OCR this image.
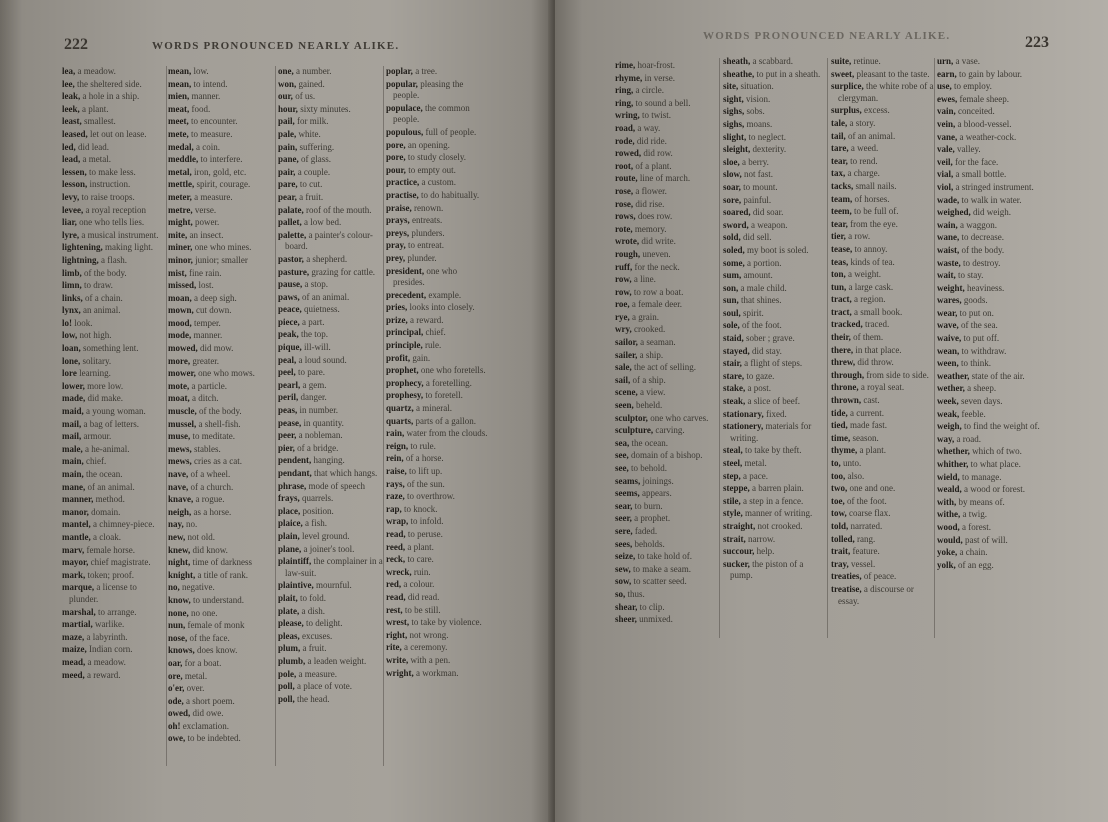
222	WORDS PRONOUNCED NEARLY ALIKE.
lea, a meadow.
lee, the sheltered side.
leak, a hole in a ship.
leek, a plant.
least, smallest.
leased, let out on lease.
led, did lead.
lead, a metal.
lessen, to make less.
lesson, instruction.
levy, to raise troops.
levee, a royal reception
liar, one who tells lies.
lyre, a musical instrument.
lightening, making light.
lightning, a flash.
limb, of the body.
limn, to draw.
links, of a chain.
lynx, an animal.
lo! look.
low, not high.
loan, something lent.
lone, solitary.
lore learning.
lower, more low.
made, did make.
maid, a young woman.
mail, a bag of letters.
mail, armour.
male, a he-animal.
main, chief.
main, the ocean.
mane, of an animal.
manner, method.
manor, domain.
mantel, a chimney-piece.
mantle, a cloak.
marv, female horse.
mayor, chief magistrate.
mark, token; proof.
marque, a license to plunder.
marshal, to arrange.
martial, warlike.
maze, a labyrinth.
maize, Indian corn.
mead, a meadow.
meed, a reward.
mean, low.
mean, to intend.
mien, manner.
meat, food.
meet, to encounter.
mete, to measure.
medal, a coin.
meddle, to interfere.
metal, iron, gold, etc.
mettle, spirit, courage.
meter, a measure.
metre, verse.
might, power.
mite, an insect.
miner, one who mines.
minor, junior; smaller
mist, fine rain.
missed, lost.
moan, a deep sigh.
mown, cut down.
mood, temper.
mode, manner.
mowed, did mow.
more, greater.
mower, one who mows.
mote, a particle.
moat, a ditch.
muscle, of the body.
mussel, a shell-fish.
muse, to meditate.
mews, stables.
mews, cries as a cat.
nave, of a wheel.
nave, of a church.
knave, a rogue.
neigh, as a horse.
nay, no.
new, not old.
knew, did know.
night, time of darkness
knight, a title of rank.
no, negative.
know, to understand.
none, no one.
nun, female of monk
nose, of the face.
knows, does know.
oar, for a boat.
ore, metal.
o'er, over.
ode, a short poem.
owed, did owe.
oh! exclamation.
owe, to be indebted.
one, a number.
won, gained.
our, of us.
hour, sixty minutes.
pail, for milk.
pale, white.
pain, suffering.
pane, of glass.
pair, a couple.
pare, to cut.
pear, a fruit.
palate, roof of the mouth.
pallet, a low bed.
palette, a painter's colour-board.
pastor, a shepherd.
pasture, grazing for cattle.
pause, a stop.
paws, of an animal.
peace, quietness.
piece, a part.
peak, the top.
pique, ill-will.
peal, a loud sound.
peel, to pare.
pearl, a gem.
peril, danger.
peas, in number.
pease, in quantity.
peer, a nobleman.
pier, of a bridge.
pendent, hanging.
pendant, that which hangs.
phrase, mode of speech
frays, quarrels.
place, position.
plaice, a fish.
plain, level ground.
plane, a joiner's tool.
plaintiff, the complainer in a law-suit.
plaintive, mournful.
plait, to fold.
plate, a dish.
please, to delight.
pleas, excuses.
plum, a fruit.
plumb, a leaden weight.
pole, a measure.
poll, a place of vote.
poll, the head.
poplar, a tree.
popular, pleasing the people.
populace, the common people.
populous, full of people.
pore, an opening.
pore, to study closely.
pour, to empty out.
practice, a custom.
practise, to do habitually.
praise, renown.
prays, entreats.
preys, plunders.
pray, to entreat.
prey, plunder.
president, one who presides.
precedent, example.
pries, looks into closely.
prize, a reward.
principal, chief.
principle, rule.
profit, gain.
prophet, one who foretells.
prophecy, a foretelling.
prophesy, to foretell.
quartz, a mineral.
quarts, parts of a gallon.
rain, water from the clouds.
reign, to rule.
rein, of a horse.
raise, to lift up.
rays, of the sun.
raze, to overthrow.
rap, to knock.
wrap, to infold.
read, to peruse.
reed, a plant.
reck, to care.
wreck, ruin.
red, a colour.
read, did read.
rest, to be still.
wrest, to take by violence.
right, not wrong.
rite, a ceremony.
write, with a pen.
wright, a workman.
WORDS PRONOUNCED NEARLY ALIKE.	223
rime, hoar-frost.
rhyme, in verse.
ring, a circle.
ring, to sound a bell.
wring, to twist.
road, a way.
rode, did ride.
rowed, did row.
root, of a plant.
route, line of march.
rose, a flower.
rose, did rise.
rows, does row.
rote, memory.
wrote, did write.
rough, uneven.
ruff, for the neck.
row, a line.
row, to row a boat.
roe, a female deer.
rye, a grain.
wry, crooked.
sailor, a seaman.
sailer, a ship.
sale, the act of selling.
sail, of a ship.
scene, a view.
seen, beheld.
sculptor, one who carves.
sculpture, carving.
sea, the ocean.
see, domain of a bishop.
see, to behold.
seams, joinings.
seems, appears.
sear, to burn.
seer, a prophet.
sere, faded.
sees, beholds.
seize, to take hold of.
sew, to make a seam.
sow, to scatter seed.
so, thus.
shear, to clip.
sheer, unmixed.
sheath, a scabbard.
sheathe, to put in a sheath.
site, situation.
sight, vision.
sighs, sobs.
sighs, moans.
slight, to neglect.
sleight, dexterity.
sloe, a berry.
slow, not fast.
soar, to mount.
sore, painful.
soared, did soar.
sword, a weapon.
sold, did sell.
soled, my boot is soled.
some, a portion.
sum, amount.
son, a male child.
sun, that shines.
soul, spirit.
sole, of the foot.
staid, sober ; grave.
stayed, did stay.
stair, a flight of steps.
stare, to gaze.
stake, a post.
steak, a slice of beef.
stationary, fixed.
stationery, materials for writing.
steal, to take by theft.
steel, metal.
step, a pace.
steppe, a barren plain.
stile, a step in a fence.
style, manner of writing.
straight, not crooked.
strait, narrow.
succour, help.
sucker, the piston of a pump.
suite, retinue.
sweet, pleasant to the taste.
surplice, the white robe of a clergyman.
surplus, excess.
tale, a story.
tail, of an animal.
tare, a weed.
tear, to rend.
tax, a charge.
tacks, small nails.
team, of horses.
teem, to be full of.
tear, from the eye.
tier, a row.
tease, to annoy.
teas, kinds of tea.
ton, a weight.
tun, a large cask.
tract, a region.
tract, a small book.
tracked, traced.
their, of them.
there, in that place.
threw, did throw.
through, from side to side.
throne, a royal seat.
thrown, cast.
tide, a current.
tied, made fast.
time, season.
thyme, a plant.
to, unto.
too, also.
two, one and one.
toe, of the foot.
tow, coarse flax.
told, narrated.
tolled, rang.
trait, feature.
tray, vessel.
treaties, of peace.
treatise, a discourse or essay.
urn, a vase.
earn, to gain by labour.
use, to employ.
ewes, female sheep.
vain, conceited.
vein, a blood-vessel.
vane, a weather-cock.
vale, valley.
veil, for the face.
vial, a small bottle.
viol, a stringed instrument.
wade, to walk in water.
weighed, did weigh.
wain, a waggon.
wane, to decrease.
waist, of the body.
waste, to destroy.
wait, to stay.
weight, heaviness.
wares, goods.
wear, to put on.
wave, of the sea.
waive, to put off.
wean, to withdraw.
ween, to think.
weather, state of the air.
wether, a sheep.
week, seven days.
weak, feeble.
weigh, to find the weight of.
way, a road.
whether, which of two.
whither, to what place.
wield, to manage.
weald, a wood or forest.
with, by means of.
withe, a twig.
wood, a forest.
would, past of will.
yoke, a chain.
yolk, of an egg.
